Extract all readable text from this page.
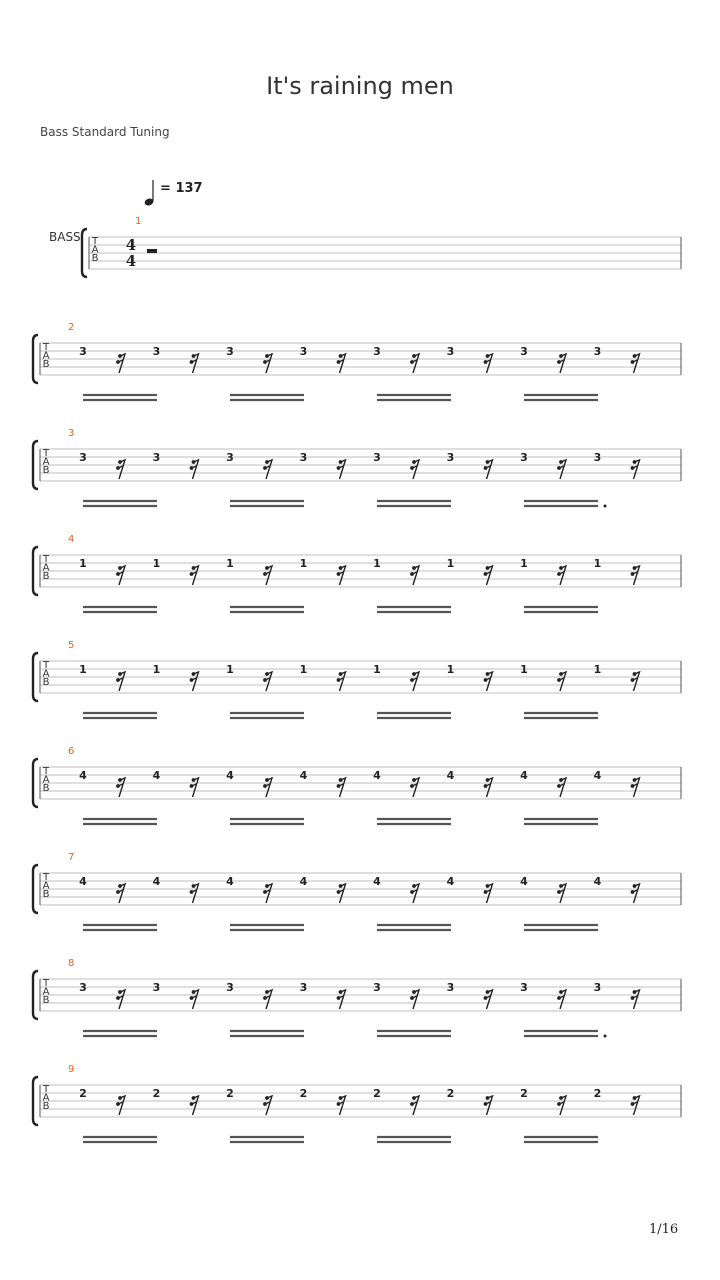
It's raining men
Bass Standard Tuning
= 137
BASS
1
T
A
B
4
4
2
T
A
B
3	3	3	3	3	3	3	3
3
T
A
B
3	3	3	3	3	3	3	3
4
T
A
B
1	1	1	1	1	1	1	1
5
T
A
B
1	1	1	1	1	1	1	1
6
T
A
B
4	4	4	4	4	4	4	4
7
T
A
B
4	4	4	4	4	4	4	4
8
T
A
B
3	3	3	3	3	3	3	3
9
T
A
B
2	2	2	2	2	2	2	2
1/16
